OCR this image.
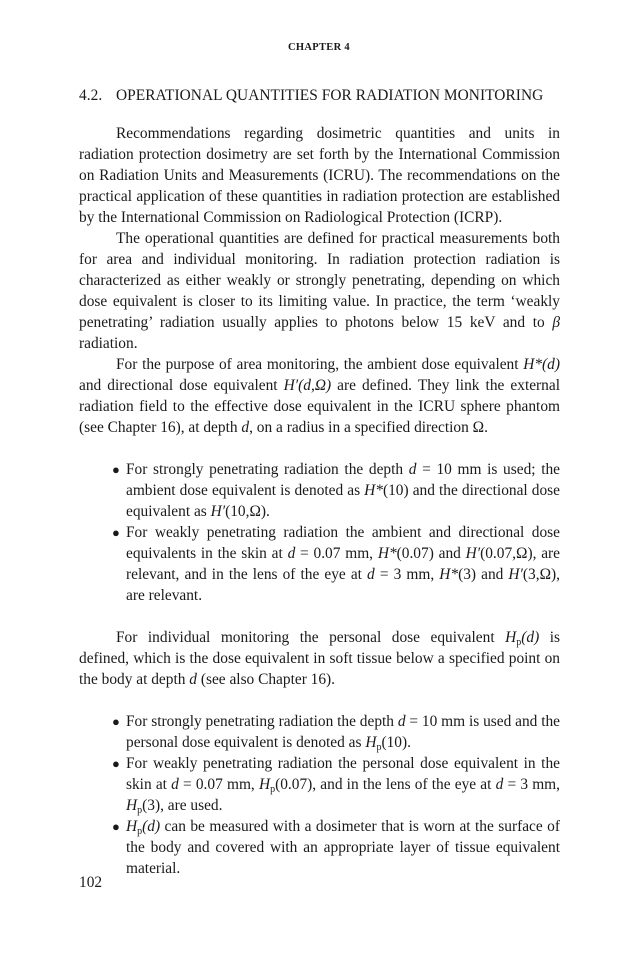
CHAPTER 4
4.2. OPERATIONAL QUANTITIES FOR RADIATION MONITORING

Recommendations regarding dosimetric quantities and units in radiation protection dosimetry are set forth by the International Commission on Radiation Units and Measurements (ICRU). The recommendations on the practical application of these quantities in radiation protection are established by the International Commission on Radiological Protection (ICRP).

The operational quantities are defined for practical measurements both for area and individual monitoring. In radiation protection radiation is characterized as either weakly or strongly penetrating, depending on which dose equivalent is closer to its limiting value. In practice, the term ‘weakly penetrating’ radiation usually applies to photons below 15 keV and to β radiation.

For the purpose of area monitoring, the ambient dose equivalent H*(d) and directional dose equivalent H′(d,Ω) are defined. They link the external radiation field to the effective dose equivalent in the ICRU sphere phantom (see Chapter 16), at depth d, on a radius in a specified direction Ω.

● For strongly penetrating radiation the depth d = 10 mm is used; the ambient dose equivalent is denoted as H*(10) and the directional dose equivalent as H′(10,Ω).
● For weakly penetrating radiation the ambient and directional dose equivalents in the skin at d = 0.07 mm, H*(0.07) and H′(0.07,Ω), are relevant, and in the lens of the eye at d = 3 mm, H*(3) and H′(3,Ω), are relevant.

For individual monitoring the personal dose equivalent $H_p(d)$ is defined, which is the dose equivalent in soft tissue below a specified point on the body at depth d (see also Chapter 16).

● For strongly penetrating radiation the depth d = 10 mm is used and the personal dose equivalent is denoted as $H_p(10)$.
● For weakly penetrating radiation the personal dose equivalent in the skin at d = 0.07 mm, $H_p(0.07)$, and in the lens of the eye at d = 3 mm, $H_p(3)$, are used.
● $H_p(d)$ can be measured with a dosimeter that is worn at the surface of the body and covered with an appropriate layer of tissue equivalent material.
102
